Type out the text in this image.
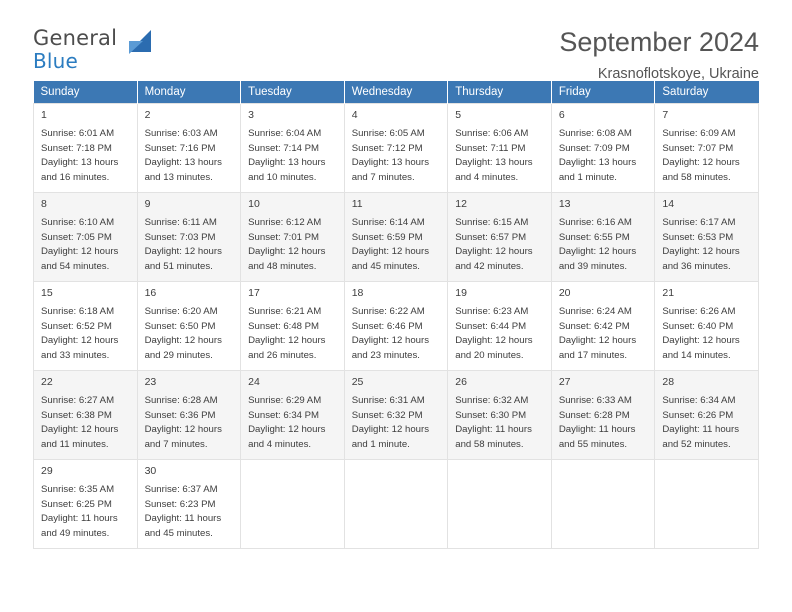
General
Blue
September 2024
Krasnoflotskoye, Ukraine
Sunday	Monday	Tuesday	Wednesday	Thursday	Friday	Saturday

1
Sunrise: 6:01 AM
Sunset: 7:18 PM
Daylight: 13 hours
and 16 minutes.	2
Sunrise: 6:03 AM
Sunset: 7:16 PM
Daylight: 13 hours
and 13 minutes.	3
Sunrise: 6:04 AM
Sunset: 7:14 PM
Daylight: 13 hours
and 10 minutes.	4
Sunrise: 6:05 AM
Sunset: 7:12 PM
Daylight: 13 hours
and 7 minutes.	5
Sunrise: 6:06 AM
Sunset: 7:11 PM
Daylight: 13 hours
and 4 minutes.	6
Sunrise: 6:08 AM
Sunset: 7:09 PM
Daylight: 13 hours
and 1 minute.	7
Sunrise: 6:09 AM
Sunset: 7:07 PM
Daylight: 12 hours
and 58 minutes.

8
Sunrise: 6:10 AM
Sunset: 7:05 PM
Daylight: 12 hours
and 54 minutes.	9
Sunrise: 6:11 AM
Sunset: 7:03 PM
Daylight: 12 hours
and 51 minutes.	10
Sunrise: 6:12 AM
Sunset: 7:01 PM
Daylight: 12 hours
and 48 minutes.	11
Sunrise: 6:14 AM
Sunset: 6:59 PM
Daylight: 12 hours
and 45 minutes.	12
Sunrise: 6:15 AM
Sunset: 6:57 PM
Daylight: 12 hours
and 42 minutes.	13
Sunrise: 6:16 AM
Sunset: 6:55 PM
Daylight: 12 hours
and 39 minutes.	14
Sunrise: 6:17 AM
Sunset: 6:53 PM
Daylight: 12 hours
and 36 minutes.

15
Sunrise: 6:18 AM
Sunset: 6:52 PM
Daylight: 12 hours
and 33 minutes.	16
Sunrise: 6:20 AM
Sunset: 6:50 PM
Daylight: 12 hours
and 29 minutes.	17
Sunrise: 6:21 AM
Sunset: 6:48 PM
Daylight: 12 hours
and 26 minutes.	18
Sunrise: 6:22 AM
Sunset: 6:46 PM
Daylight: 12 hours
and 23 minutes.	19
Sunrise: 6:23 AM
Sunset: 6:44 PM
Daylight: 12 hours
and 20 minutes.	20
Sunrise: 6:24 AM
Sunset: 6:42 PM
Daylight: 12 hours
and 17 minutes.	21
Sunrise: 6:26 AM
Sunset: 6:40 PM
Daylight: 12 hours
and 14 minutes.

22
Sunrise: 6:27 AM
Sunset: 6:38 PM
Daylight: 12 hours
and 11 minutes.	23
Sunrise: 6:28 AM
Sunset: 6:36 PM
Daylight: 12 hours
and 7 minutes.	24
Sunrise: 6:29 AM
Sunset: 6:34 PM
Daylight: 12 hours
and 4 minutes.	25
Sunrise: 6:31 AM
Sunset: 6:32 PM
Daylight: 12 hours
and 1 minute.	26
Sunrise: 6:32 AM
Sunset: 6:30 PM
Daylight: 11 hours
and 58 minutes.	27
Sunrise: 6:33 AM
Sunset: 6:28 PM
Daylight: 11 hours
and 55 minutes.	28
Sunrise: 6:34 AM
Sunset: 6:26 PM
Daylight: 11 hours
and 52 minutes.

29
Sunrise: 6:35 AM
Sunset: 6:25 PM
Daylight: 11 hours
and 49 minutes.	30
Sunrise: 6:37 AM
Sunset: 6:23 PM
Daylight: 11 hours
and 45 minutes.					
